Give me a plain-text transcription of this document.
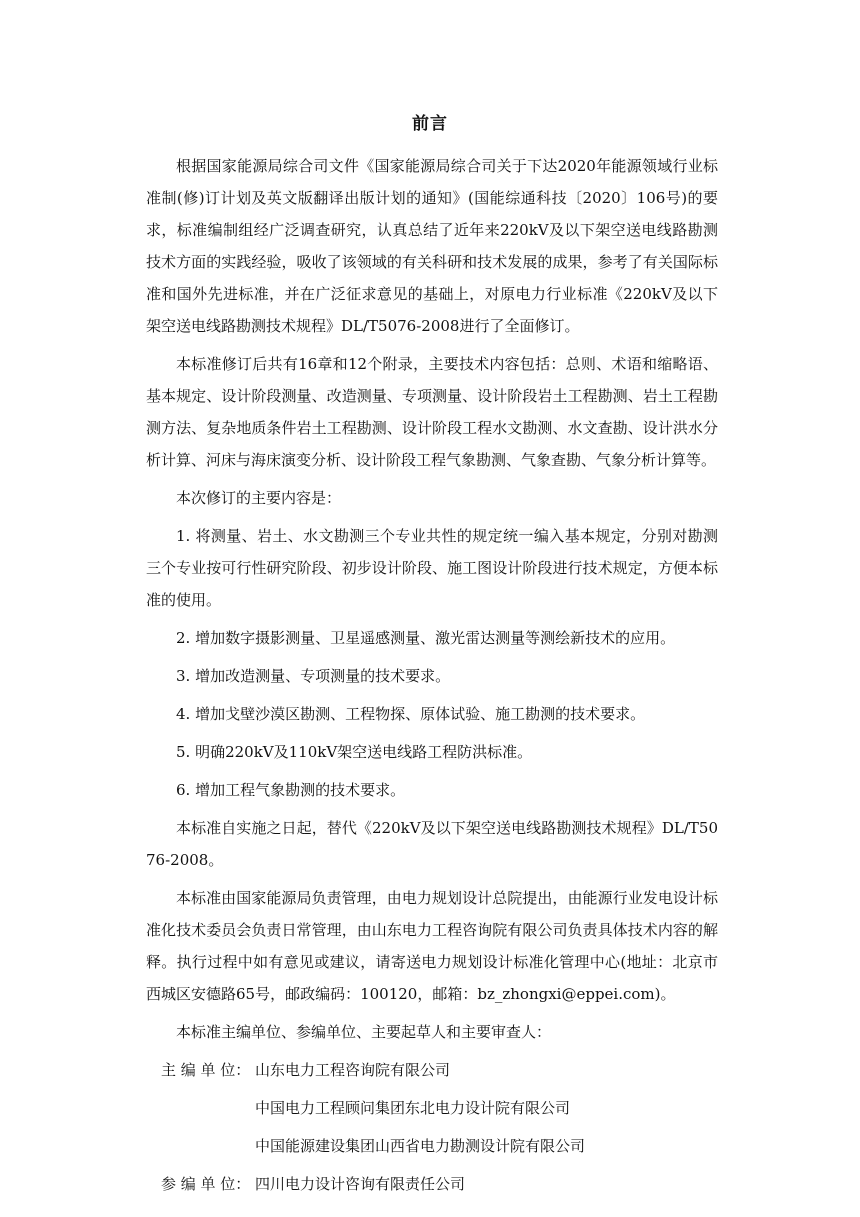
前言

根据国家能源局综合司文件《国家能源局综合司关于下达2020年能源领域行业标准制(修)订计划及英文版翻译出版计划的通知》(国能综通科技〔2020〕106号)的要求，标准编制组经广泛调查研究，认真总结了近年来220kV及以下架空送电线路勘测技术方面的实践经验，吸收了该领域的有关科研和技术发展的成果，参考了有关国际标准和国外先进标准，并在广泛征求意见的基础上，对原电力行业标准《220kV及以下架空送电线路勘测技术规程》DL/T5076-2008进行了全面修订。

本标准修订后共有16章和12个附录，主要技术内容包括：总则、术语和缩略语、基本规定、设计阶段测量、改造测量、专项测量、设计阶段岩土工程勘测、岩土工程勘测方法、复杂地质条件岩土工程勘测、设计阶段工程水文勘测、水文查勘、设计洪水分析计算、河床与海床演变分析、设计阶段工程气象勘测、气象查勘、气象分析计算等。

本次修订的主要内容是：

1. 将测量、岩土、水文勘测三个专业共性的规定统一编入基本规定，分别对勘测三个专业按可行性研究阶段、初步设计阶段、施工图设计阶段进行技术规定，方便本标准的使用。

2. 增加数字摄影测量、卫星遥感测量、激光雷达测量等测绘新技术的应用。

3. 增加改造测量、专项测量的技术要求。

4. 增加戈壁沙漠区勘测、工程物探、原体试验、施工勘测的技术要求。

5. 明确220kV及110kV架空送电线路工程防洪标准。

6. 增加工程气象勘测的技术要求。

本标准自实施之日起，替代《220kV及以下架空送电线路勘测技术规程》DL/T5076-2008。

本标准由国家能源局负责管理，由电力规划设计总院提出，由能源行业发电设计标准化技术委员会负责日常管理，由山东电力工程咨询院有限公司负责具体技术内容的解释。执行过程中如有意见或建议，请寄送电力规划设计标准化管理中心(地址：北京市西城区安德路65号，邮政编码：100120，邮箱：bz_zhongxi@eppei.com)。

本标准主编单位、参编单位、主要起草人和主要审查人：

主 编 单 位： 山东电力工程咨询院有限公司
中国电力工程顾问集团东北电力设计院有限公司
中国能源建设集团山西省电力勘测设计院有限公司
参 编 单 位： 四川电力设计咨询有限责任公司
